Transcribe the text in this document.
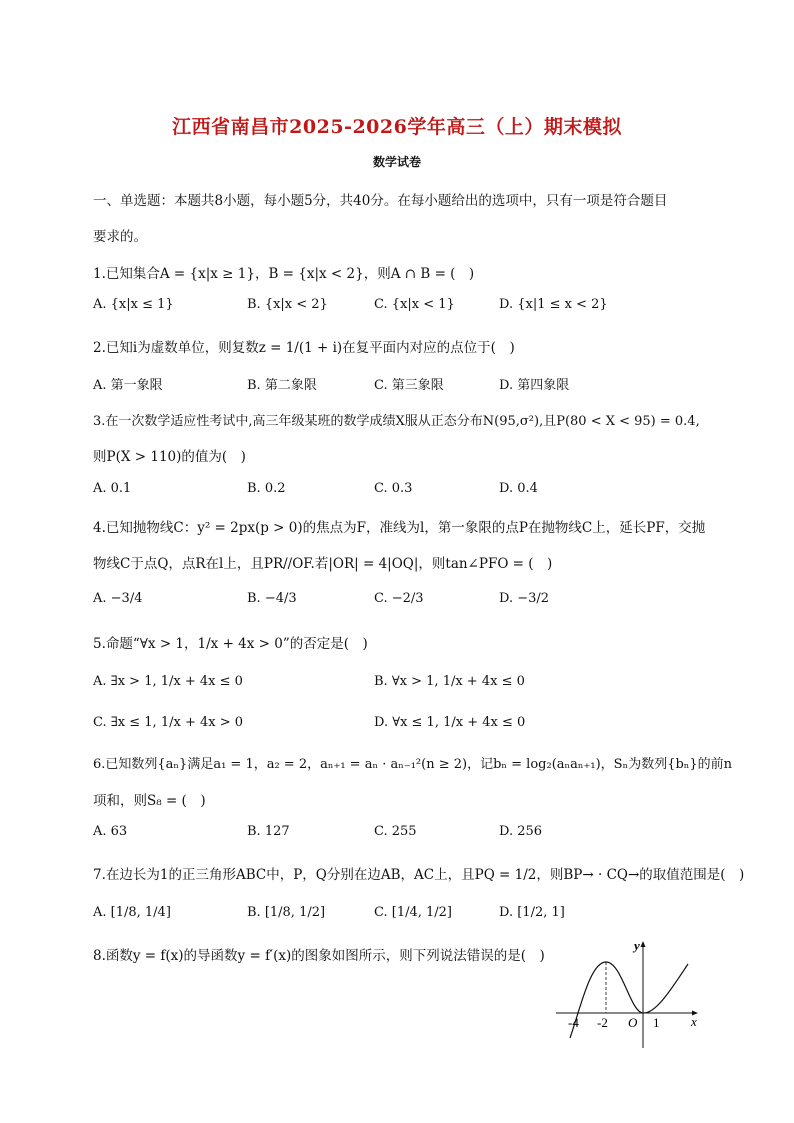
江西省南昌市2025-2026学年高三（上）期末模拟
数学试卷
一、单选题：本题共8小题，每小题5分，共40分。在每小题给出的选项中，只有一项是符合题目
要求的。
1.已知集合A = {x|x ≥ 1}，B = {x|x < 2}，则A ∩ B = (　)
A. {x|x ≤ 1}	B. {x|x < 2}	C. {x|x < 1}	D. {x|1 ≤ x < 2}
2.已知i为虚数单位，则复数z = 1/(1 + i)在复平面内对应的点位于(　)
A. 第一象限	B. 第二象限	C. 第三象限	D. 第四象限
3.在一次数学适应性考试中,高三年级某班的数学成绩X服从正态分布N(95,σ²),且P(80 < X < 95) = 0.4,
则P(X > 110)的值为(　)
A. 0.1	B. 0.2	C. 0.3	D. 0.4
4.已知抛物线C：y² = 2px(p > 0)的焦点为F，准线为l，第一象限的点P在抛物线C上，延长PF，交抛
物线C于点Q，点R在l上，且PR//OF.若|OR| = 4|OQ|，则tan∠PFO = (　)
A. −3/4	B. −4/3	C. −2/3	D. −3/2
5.命题“∀x > 1，1/x + 4x > 0”的否定是(　)
A. ∃x > 1, 1/x + 4x ≤ 0	B. ∀x > 1, 1/x + 4x ≤ 0
C. ∃x ≤ 1, 1/x + 4x > 0	D. ∀x ≤ 1, 1/x + 4x ≤ 0
6.已知数列{aₙ}满足a₁ = 1，a₂ = 2，aₙ₊₁ = aₙ · aₙ₋₁²(n ≥ 2)，记bₙ = log₂(aₙaₙ₊₁)，Sₙ为数列{bₙ}的前n
项和，则S₈ = (　)
A. 63	B. 127	C. 255	D. 256
7.在边长为1的正三角形ABC中，P，Q分别在边AB，AC上，且PQ = 1/2，则BP→ · CQ→的取值范围是(　)
A. [1/8, 1/4]	B. [1/8, 1/2]	C. [1/4, 1/2]	D. [1/2, 1]
8.函数y = f(x)的导函数y = f′(x)的图象如图所示，则下列说法错误的是(　)
y
x
O
-4 -2	1
